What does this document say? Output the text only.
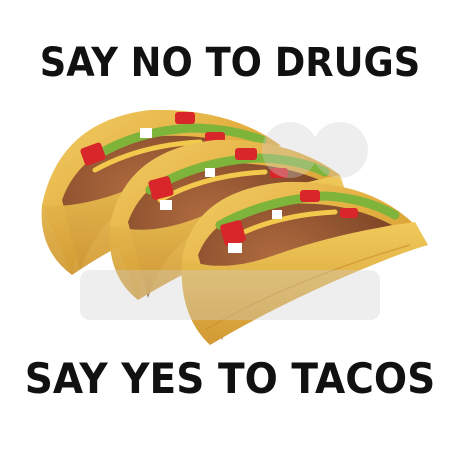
SAY NO TO DRUGS
SAY YES TO TACOS
